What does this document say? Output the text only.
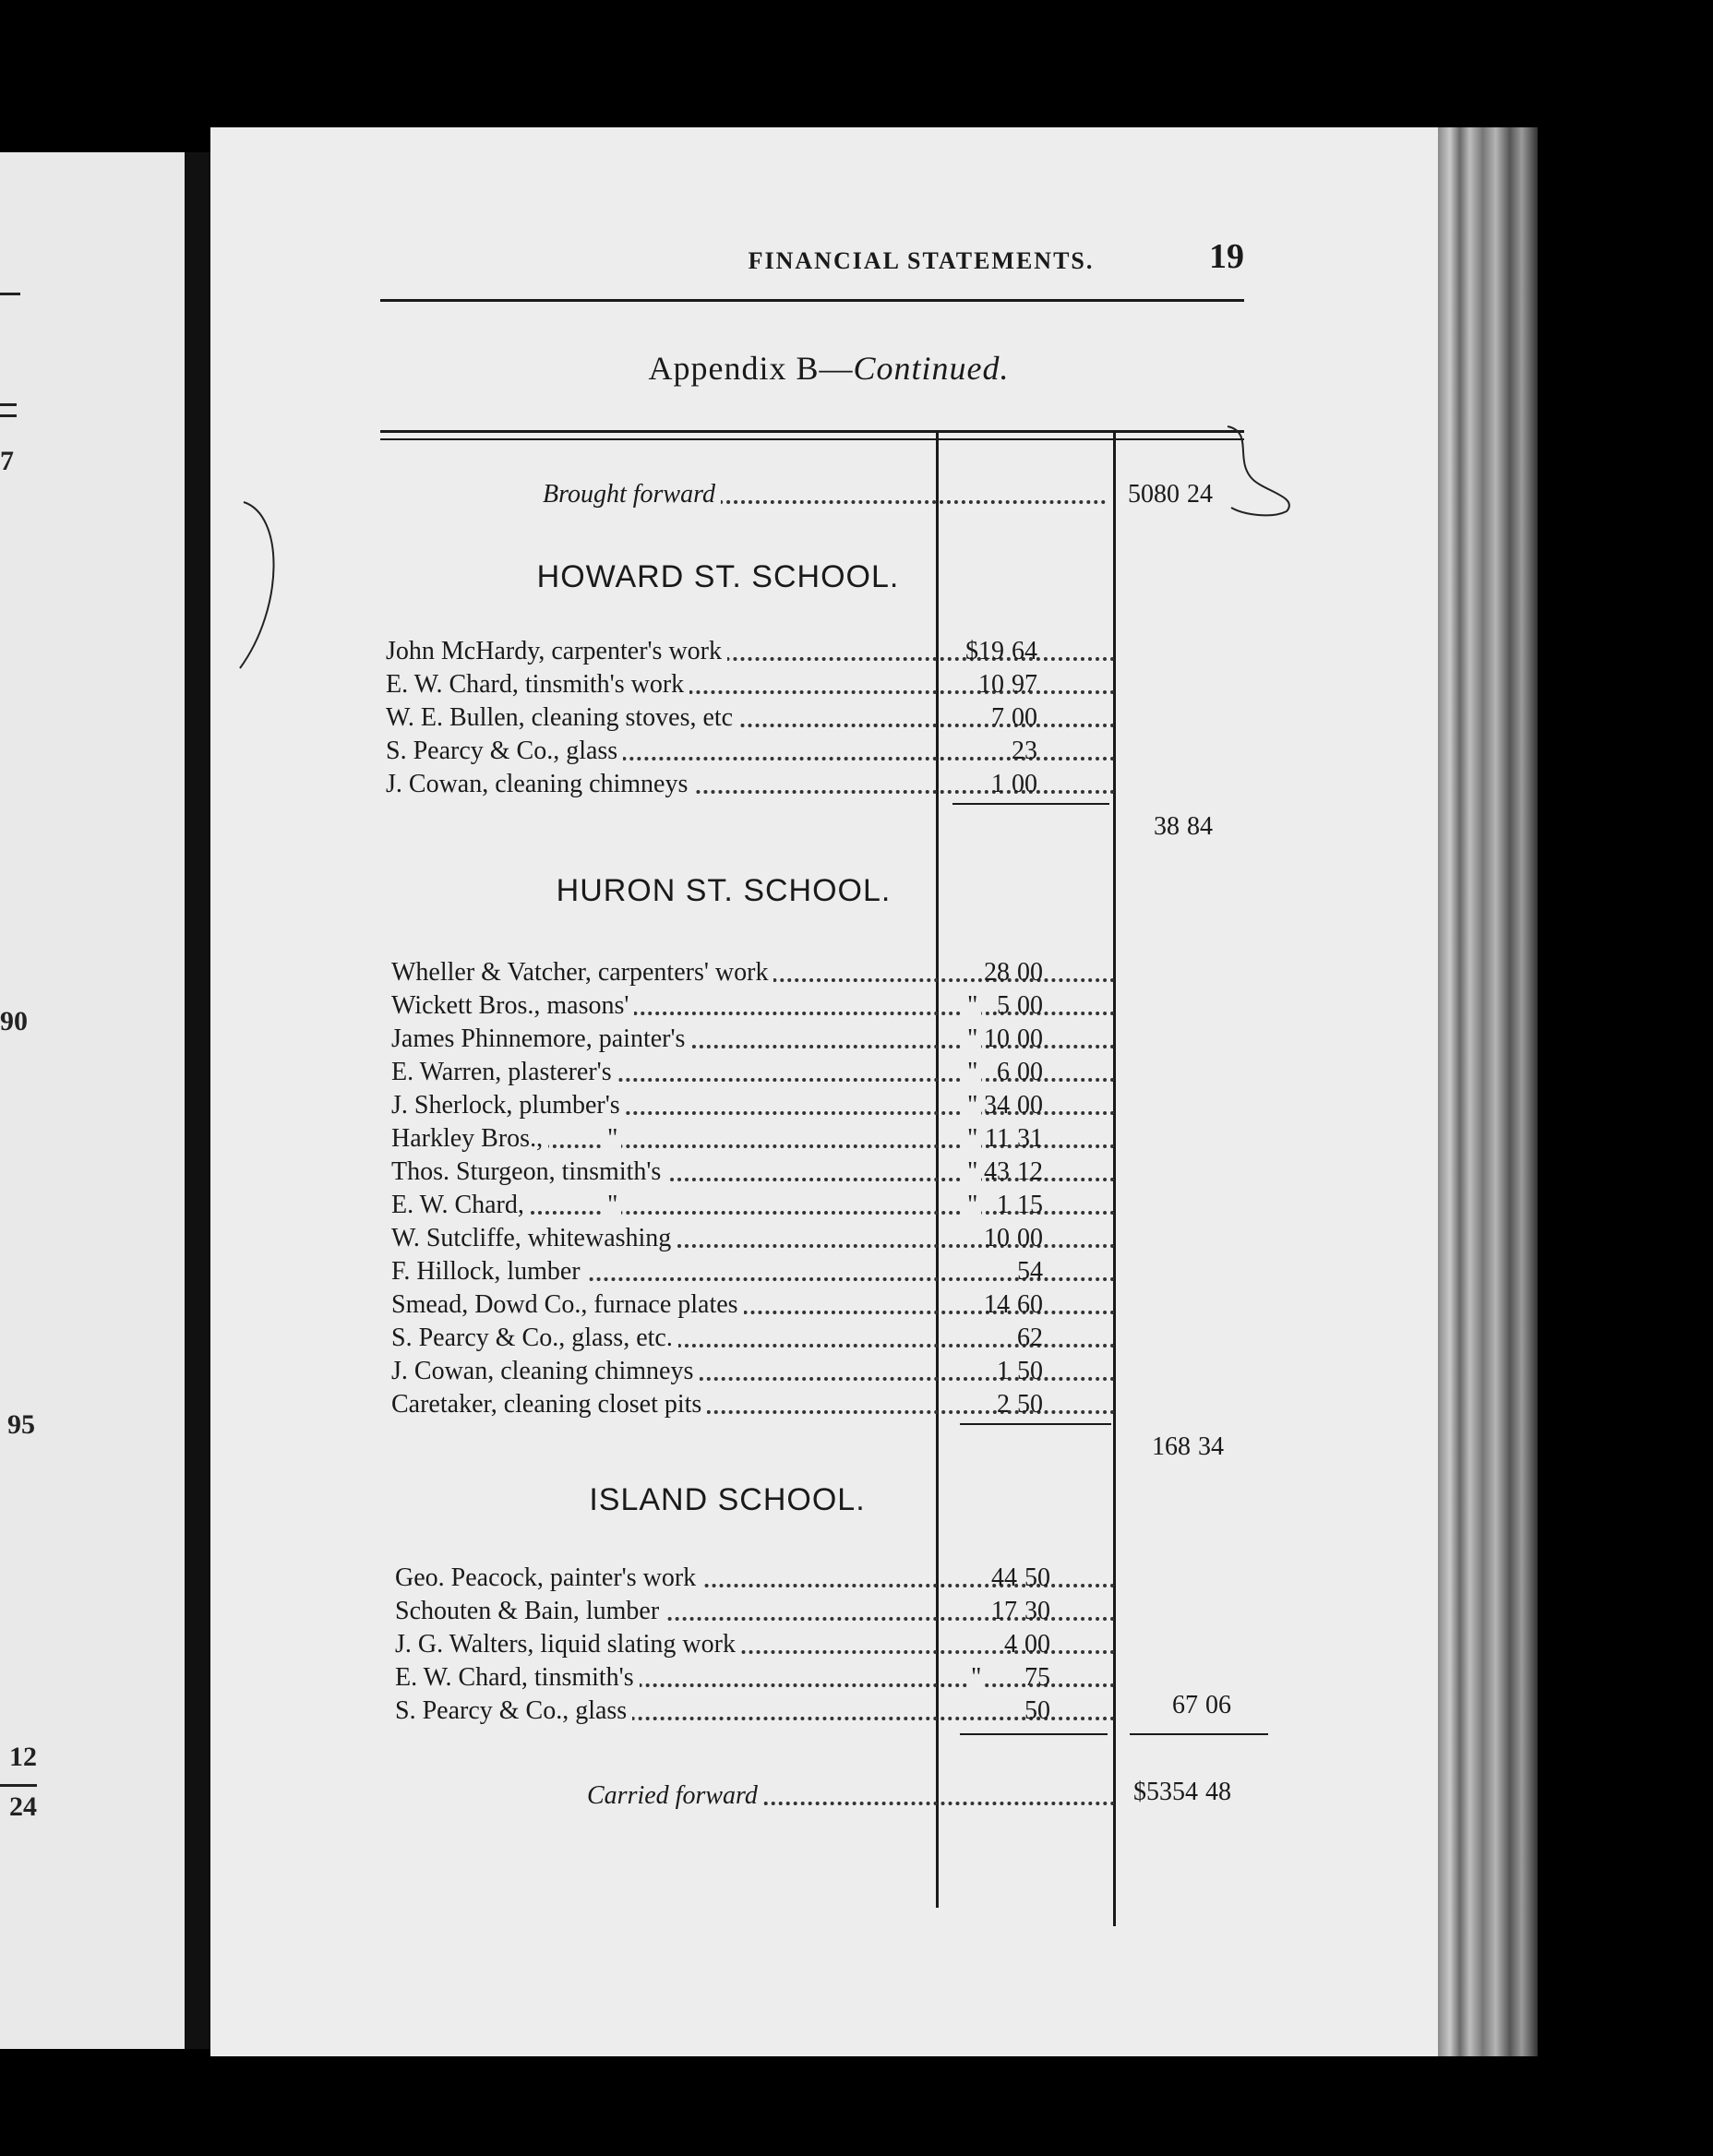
7
90
95
12
24
FINANCIAL STATEMENTS.	19
Appendix B—Continued.
Brought forward	5080 24
HOWARD ST. SCHOOL.
John McHardy, carpenter's work	$19 64
E. W. Chard, tinsmith's work	10 97
W. E. Bullen, cleaning stoves, etc	7 00
S. Pearcy & Co., glass	23
J. Cowan, cleaning chimneys	1 00
38 84
HURON ST. SCHOOL.
Wheller & Vatcher, carpenters' work	28 00
Wickett Bros., masons'	" 5 00
James Phinnemore, painter's	" 10 00
E. Warren, plasterer's	" 6 00
J. Sherlock, plumber's	" 34 00
Harkley Bros., "	" 11 31
Thos. Sturgeon, tinsmith's	" 43 12
E. W. Chard,	"	" 1 15
W. Sutcliffe, whitewashing	10 00
F. Hillock, lumber	54
Smead, Dowd Co., furnace plates	14 60
S. Pearcy & Co., glass, etc.	62
J. Cowan, cleaning chimneys	1 50
Caretaker, cleaning closet pits	2 50
168 34
ISLAND SCHOOL.
Geo. Peacock, painter's work	44 50
Schouten & Bain, lumber	17 30
J. G. Walters, liquid slating work	4 00
E. W. Chard, tinsmith's	"	75
S. Pearcy & Co., glass	50	67 06
Carried forward	$5354 48
